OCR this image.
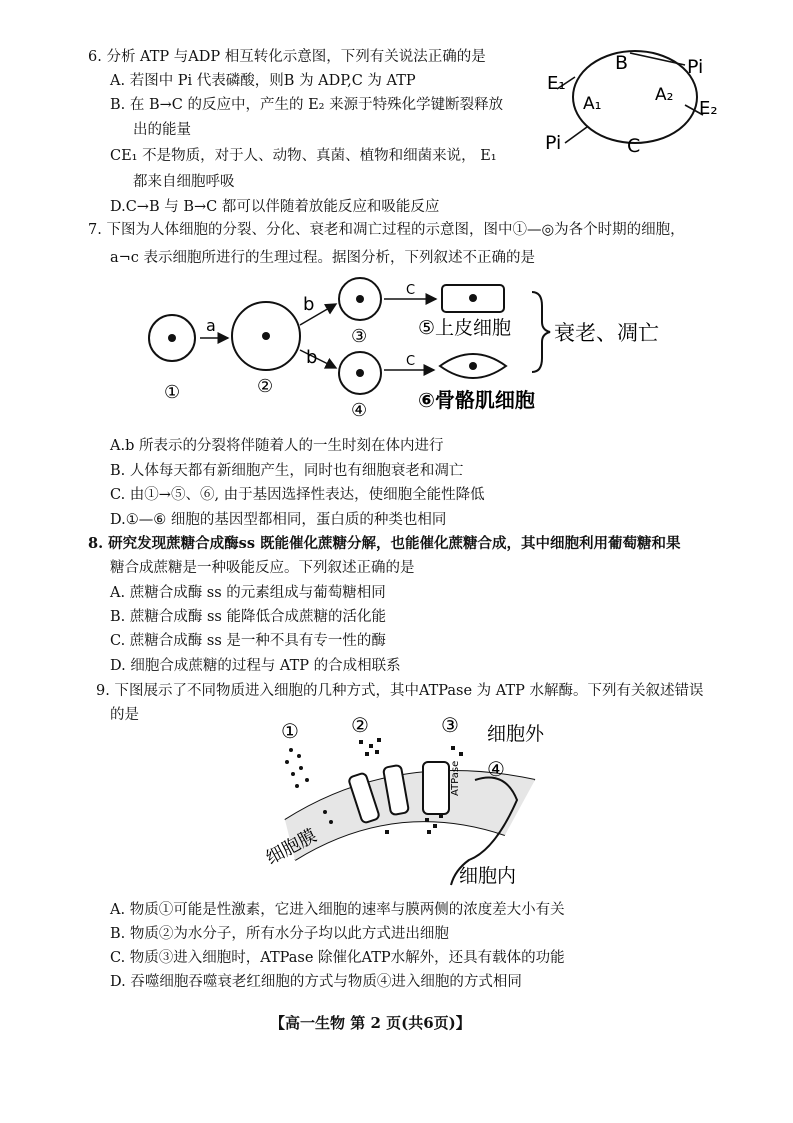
6. 分析 ATP 与ADP 相互转化示意图，下列有关说法正确的是
A. 若图中 Pi 代表磷酸，则B 为 ADP,C 为 ATP
B. 在 B→C 的反应中，产生的 E₂ 来源于特殊化学键断裂释放
出的能量
CE₁ 不是物质，对于人、动物、真菌、植物和细菌来说， E₁
都来自细胞呼吸
D.C→B 与 B→C 都可以伴随着放能反应和吸能反应
B
C
Pi
Pi
E₁
E₂
A₁	A₂
7. 下图为人体细胞的分裂、分化、衰老和凋亡过程的示意图，图中①—◎为各个时期的细胞，
a¬c 表示细胞所进行的生理过程。据图分析，下列叙述不正确的是
a
b
b
C
C
①	②
③
④
⑤上皮细胞
⑥骨骼肌细胞
衰老、凋亡
A.b 所表示的分裂将伴随着人的一生时刻在体内进行
B. 人体每天都有新细胞产生，同时也有细胞衰老和凋亡
C. 由①→⑤、⑥, 由于基因选择性表达，使细胞全能性降低
D.①—⑥ 细胞的基因型都相同，蛋白质的种类也相同
8. 研究发现蔗糖合成酶ss 既能催化蔗糖分解，也能催化蔗糖合成，其中细胞利用葡萄糖和果
糖合成蔗糖是一种吸能反应。下列叙述正确的是
A. 蔗糖合成酶 ss 的元素组成与葡萄糖相同
B. 蔗糖合成酶 ss 能降低合成蔗糖的活化能
C. 蔗糖合成酶 ss 是一种不具有专一性的酶
D. 细胞合成蔗糖的过程与 ATP 的合成相联系
9. 下图展示了不同物质进入细胞的几种方式，其中ATPase 为 ATP 水解酶。下列有关叙述错误
的是
①	②	③
④
细胞外
细胞内
细胞膜
ATPase
A. 物质①可能是性激素，它进入细胞的速率与膜两侧的浓度差大小有关
B. 物质②为水分子，所有水分子均以此方式进出细胞
C. 物质③进入细胞时，ATPase 除催化ATP水解外，还具有载体的功能
D. 吞噬细胞吞噬衰老红细胞的方式与物质④进入细胞的方式相同
【高一生物 第 2 页(共6页)】
